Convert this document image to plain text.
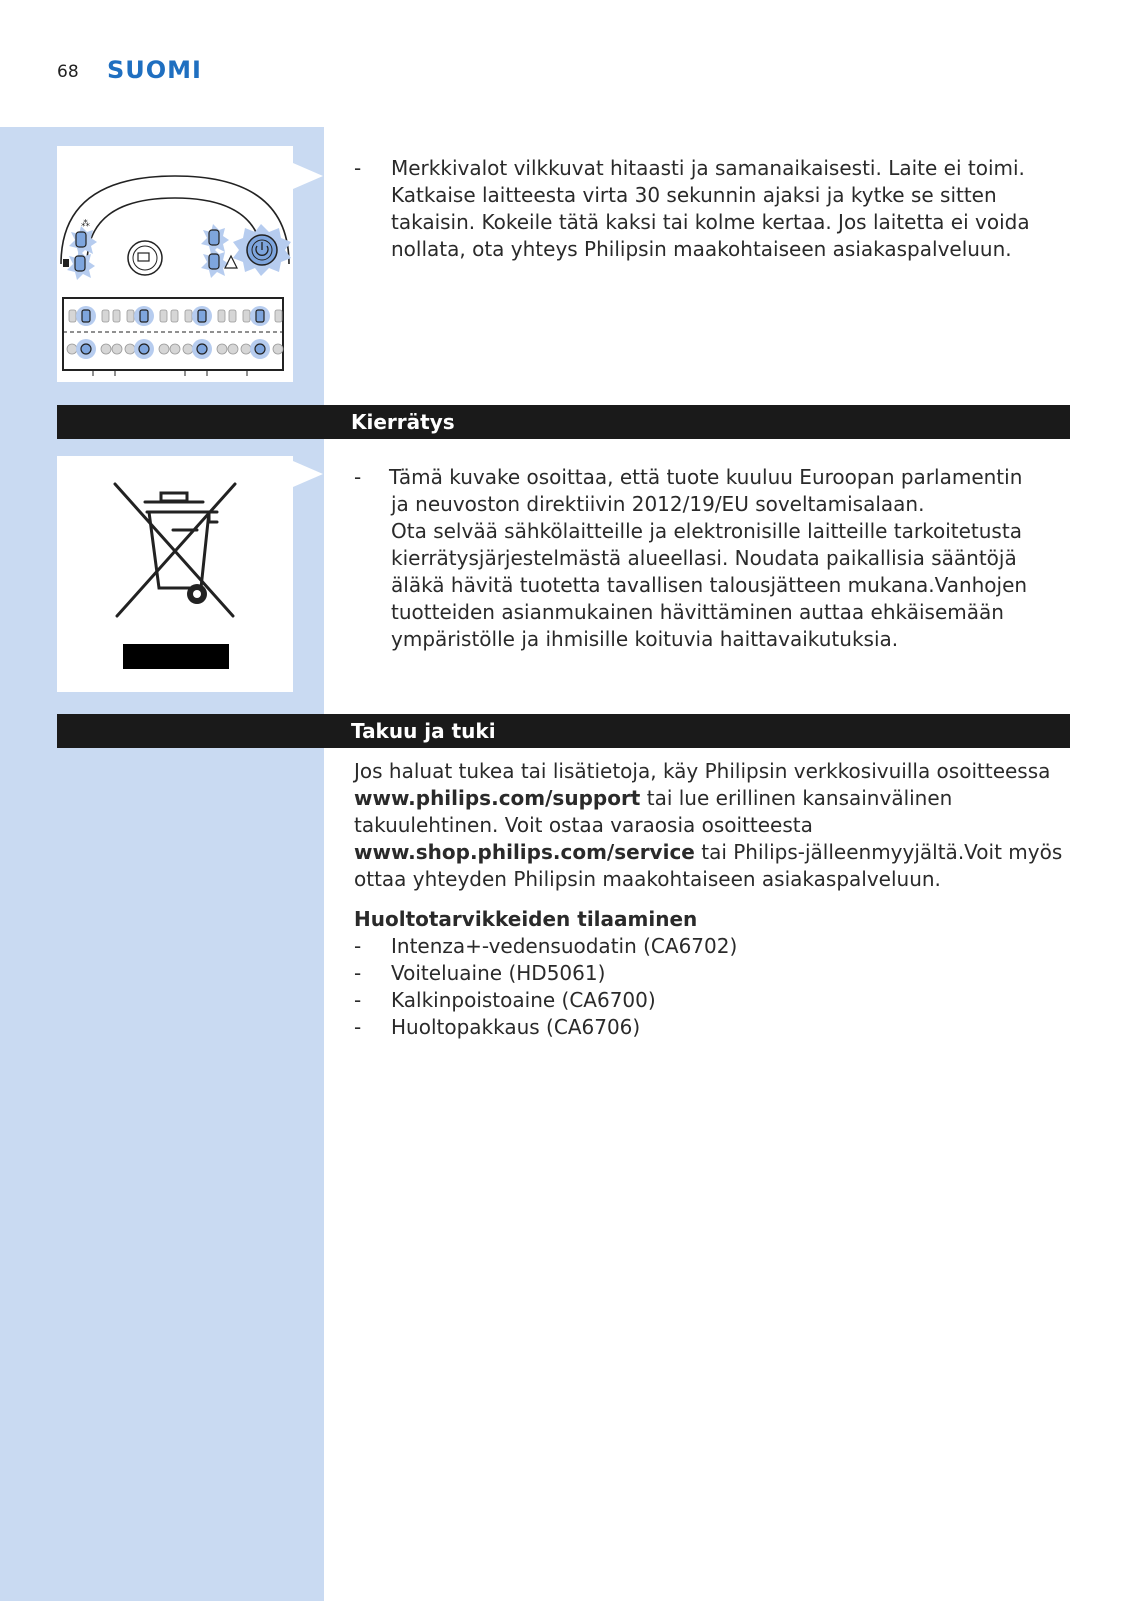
68 SUOMI
⁂
- Merkkivalot vilkkuvat hitaasti ja samanaikaisesti. Laite ei toimi. Katkaise laitteesta virta 30 sekunnin ajaksi ja kytke se sitten takaisin. Kokeile tätä kaksi tai kolme kertaa. Jos laitetta ei voida nollata, ota yhteys Philipsin maakohtaiseen asiakaspalveluun.
Kierrätys
- Tämä kuvake osoittaa, että tuote kuuluu Euroopan parlamentin
ja neuvoston direktiivin 2012/19/EU soveltamisalaan.
Ota selvää sähkölaitteille ja elektronisille laitteille tarkoitetusta kierrätysjärjestelmästä alueellasi. Noudata paikallisia sääntöjä äläkä hävitä tuotetta tavallisen talousjätteen mukana.Vanhojen tuotteiden asianmukainen hävittäminen auttaa ehkäisemään ympäristölle ja ihmisille koituvia haittavaikutuksia.
Takuu ja tuki
Jos haluat tukea tai lisätietoja, käy Philipsin verkkosivuilla osoitteessa www.philips.com/support tai lue erillinen kansainvälinen takuulehtinen. Voit ostaa varaosia osoitteesta www.shop.philips.com/service tai Philips-jälleenmyyjältä.Voit myös ottaa yhteyden Philipsin maakohtaiseen asiakaspalveluun.
Huoltotarvikkeiden tilaaminen
- Intenza+-vedensuodatin (CA6702)
- Voiteluaine (HD5061)
- Kalkinpoistoaine (CA6700)
- Huoltopakkaus (CA6706)
